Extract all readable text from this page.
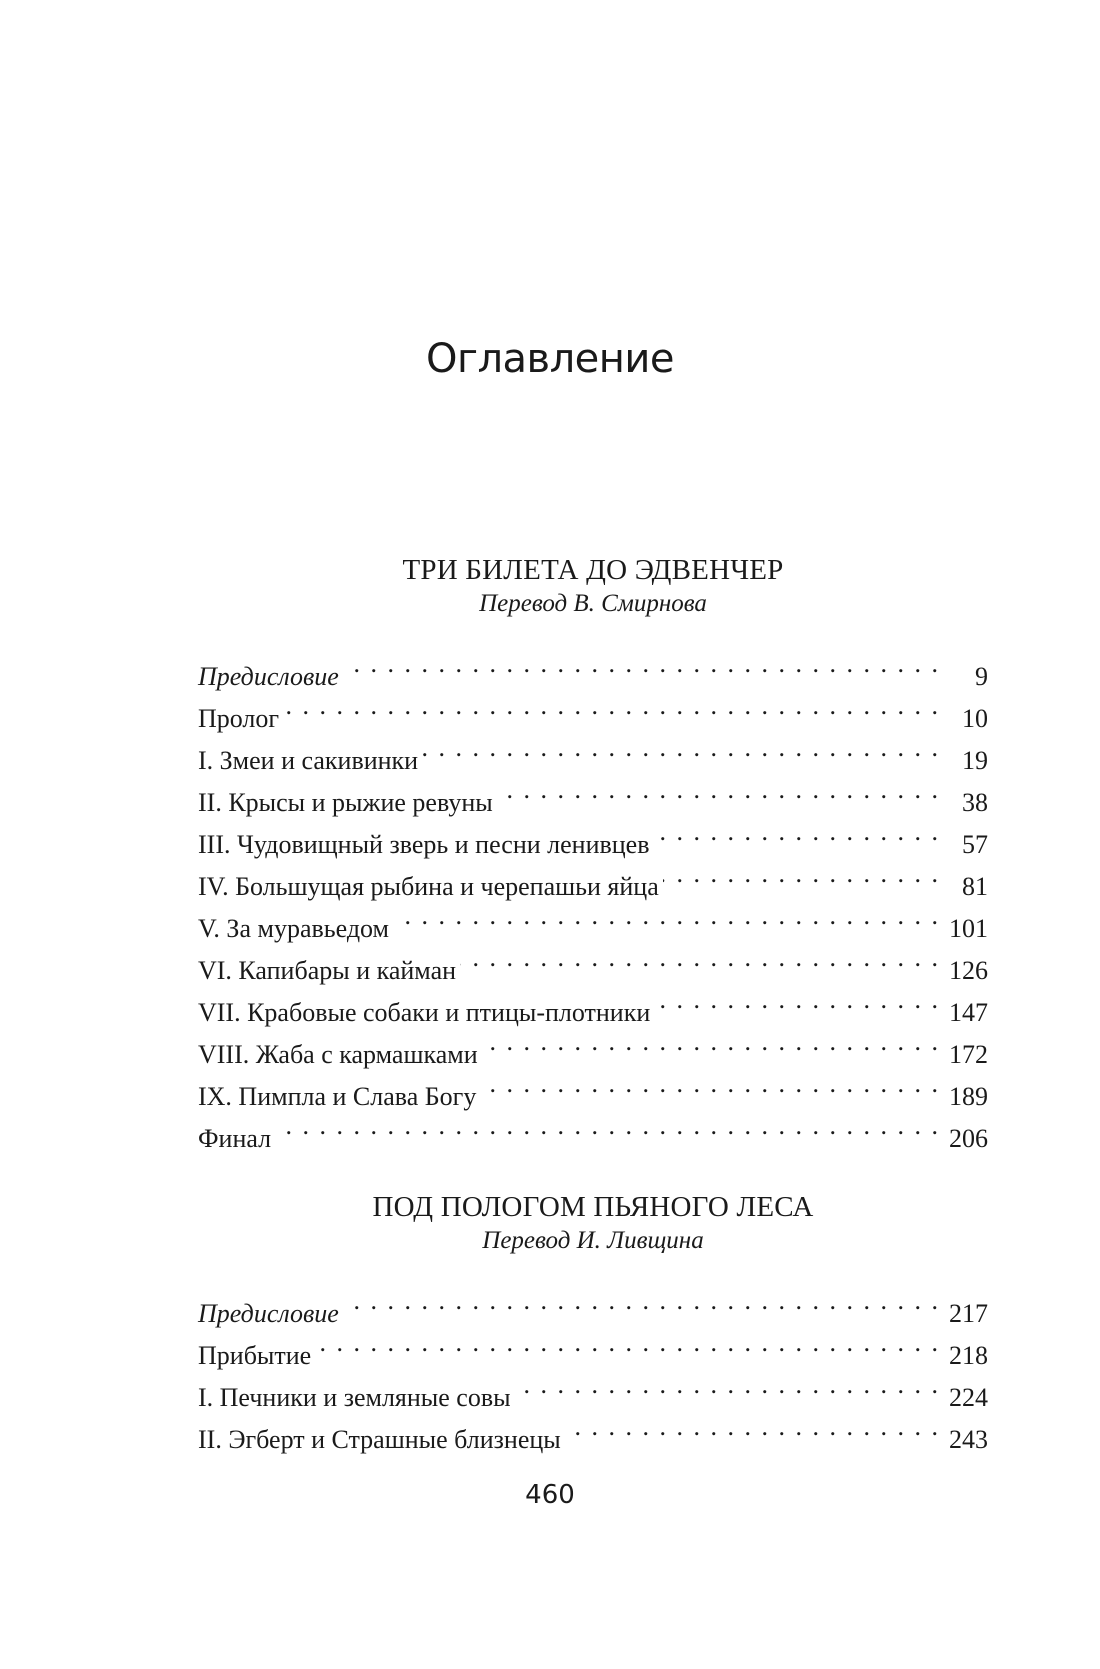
Оглавление
ТРИ БИЛЕТА ДО ЭДВЕНЧЕР
Перевод В. Смирнова
Предисловие . . .	9
Пролог . . .	10
I. Змеи и сакивинки . . .	19
II. Крысы и рыжие ревуны . . .	38
III. Чудовищный зверь и песни ленивцев . . .	57
IV. Большущая рыбина и черепашьи яйца . . .	81
V. За муравьедом . . .	101
VI. Капибары и кайман . . .	126
VII. Крабовые собаки и птицы-плотники . . .	147
VIII. Жаба с кармашками . . .	172
IX. Пимпла и Слава Богу . . .	189
Финал . . .	206
ПОД ПОЛОГОМ ПЬЯНОГО ЛЕСА
Перевод И. Ливщина
Предисловие . . .	217
Прибытие . . .	218
I. Печники и земляные совы . . .	224
II. Эгберт и Страшные близнецы . . .	243
460
